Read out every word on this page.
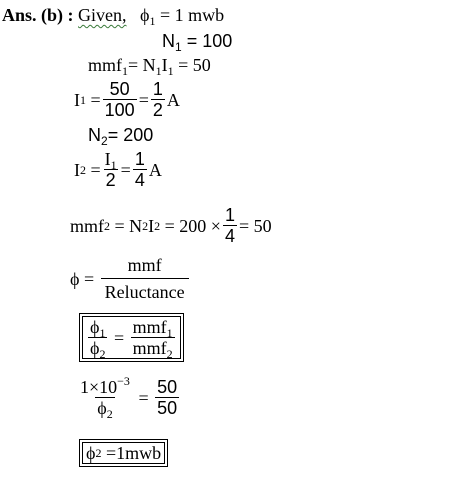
Ans. (b) : Given, $\phi_1 = 1$ mwb
$N_1 = 100$
$mmf_1= N_1I_1 = 50$
I 1
= $\frac{50}{100} = \frac{1}{2}$ A
$N_2= 200$
I 2
= $\frac{I_1}{2} = \frac{1}{4}$ A
mmf 2
= N 2 I 2
= $200 \times \frac{1}{4} = 50$
ϕ
=
$\frac{\text{mmf}}{\text{Reluctance}}$
$\frac{\phi_1}{\phi_2}$
=
$\frac{mmf_1}{mmf_2}$
$\frac{1\times 10^{-3}}{\phi_2}$
=
$\frac{50}{50}$
ϕ 2
= 1mwb
